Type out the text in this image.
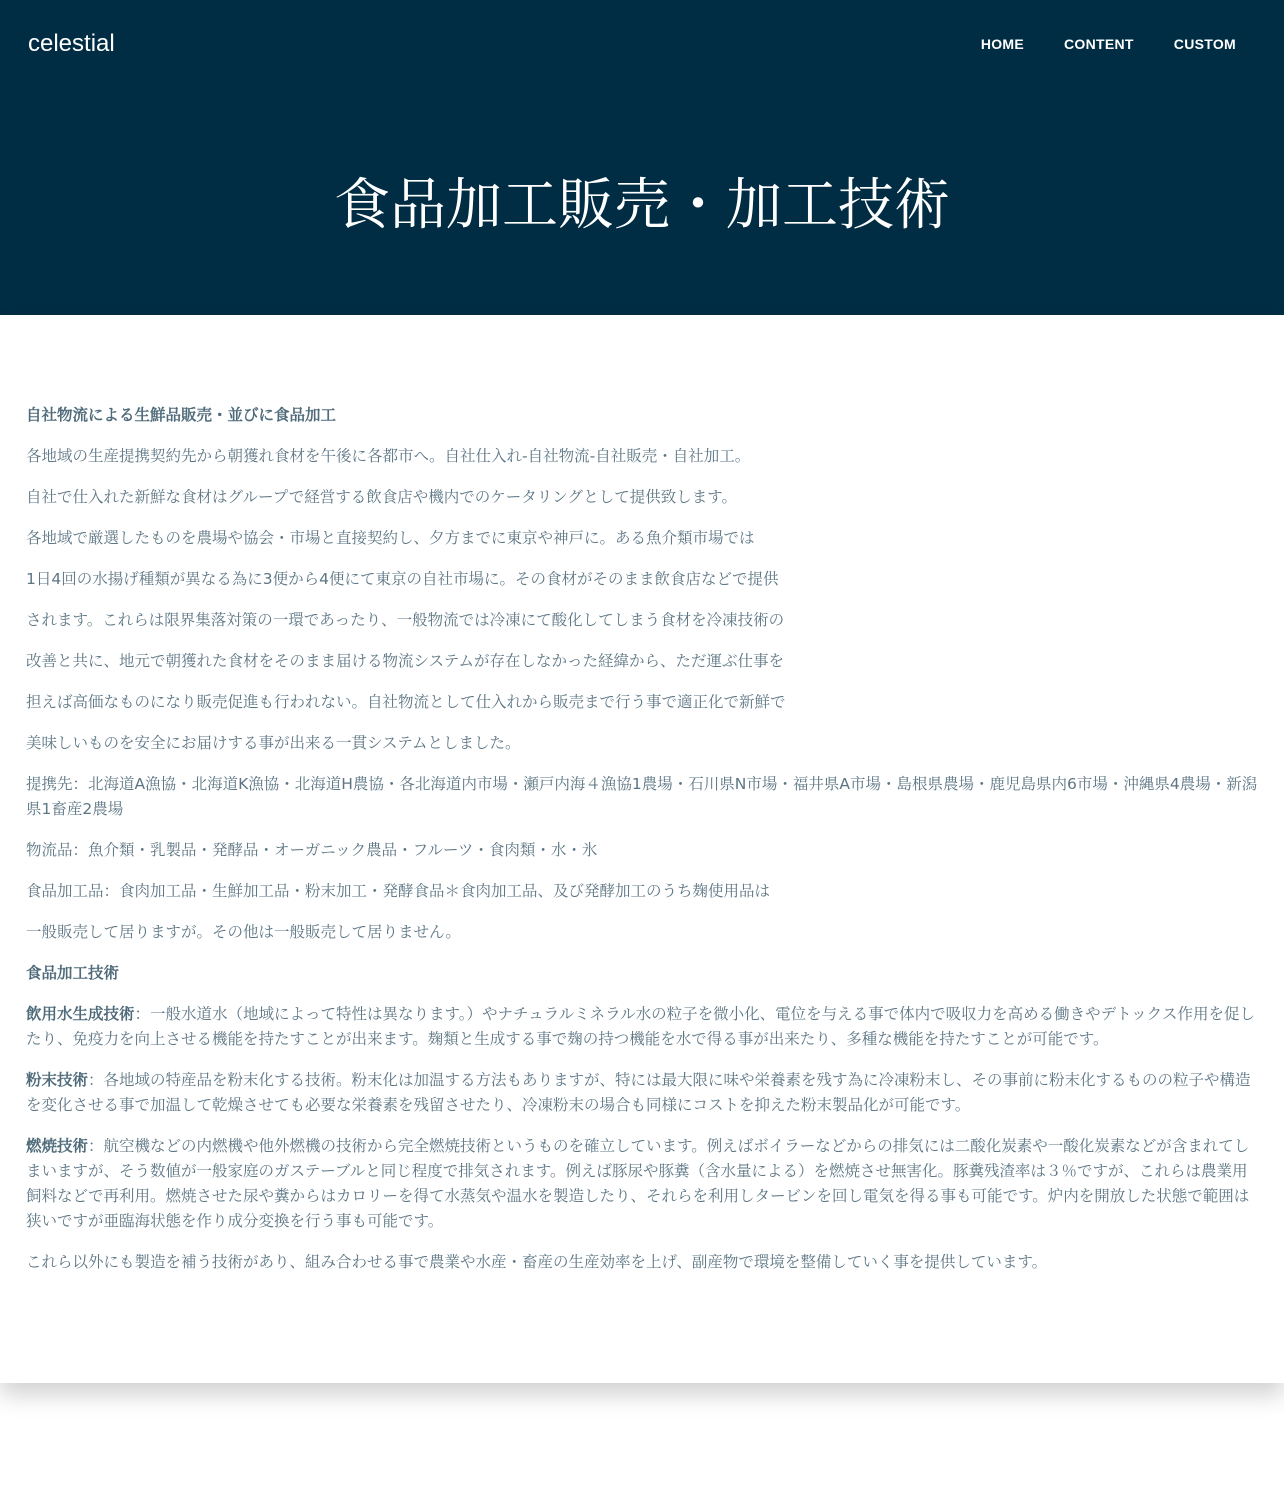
celestial	HOME	CONTENT	CUSTOM
食品加工販売・加工技術

自社物流による生鮮品販売・並びに食品加工

各地域の生産提携契約先から朝獲れ食材を午後に各都市へ。自社仕入れ-自社物流-自社販売・自社加工。

自社で仕入れた新鮮な食材はグループで経営する飲食店や機内でのケータリングとして提供致します。

各地域で厳選したものを農場や協会・市場と直接契約し、夕方までに東京や神戸に。ある魚介類市場では

1日4回の水揚げ種類が異なる為に3便から4便にて東京の自社市場に。その食材がそのまま飲食店などで提供

されます。これらは限界集落対策の一環であったり、一般物流では冷凍にて酸化してしまう食材を冷凍技術の

改善と共に、地元で朝獲れた食材をそのまま届ける物流システムが存在しなかった経緯から、ただ運ぶ仕事を

担えば高価なものになり販売促進も行われない。自社物流として仕入れから販売まで行う事で適正化で新鮮で

美味しいものを安全にお届けする事が出来る一貫システムとしました。

提携先：北海道A漁協・北海道K漁協・北海道H農協・各北海道内市場・瀬戸内海４漁協1農場・石川県N市場・福井県A市場・島根県農場・鹿児島県内6市場・沖縄県4農場・新潟県1畜産2農場

物流品：魚介類・乳製品・発酵品・オーガニック農品・フルーツ・食肉類・水・氷

食品加工品：食肉加工品・生鮮加工品・粉末加工・発酵食品＊食肉加工品、及び発酵加工のうち麹使用品は

一般販売して居りますが。その他は一般販売して居りません。

食品加工技術

飲用水生成技術：一般水道水（地域によって特性は異なります。）やナチュラルミネラル水の粒子を微小化、電位を与える事で体内で吸収力を高める働きやデトックス作用を促したり、免疫力を向上させる機能を持たすことが出来ます。麹類と生成する事で麹の持つ機能を水で得る事が出来たり、多種な機能を持たすことが可能です。

粉末技術：各地域の特産品を粉末化する技術。粉末化は加温する方法もありますが、特には最大限に味や栄養素を残す為に冷凍粉末し、その事前に粉末化するものの粒子や構造を変化させる事で加温して乾燥させても必要な栄養素を残留させたり、冷凍粉末の場合も同様にコストを抑えた粉末製品化が可能です。

燃焼技術：航空機などの内燃機や他外燃機の技術から完全燃焼技術というものを確立しています。例えばボイラーなどからの排気には二酸化炭素や一酸化炭素などが含まれてしまいますが、そう数値が一般家庭のガステーブルと同じ程度で排気されます。例えば豚尿や豚糞（含水量による）を燃焼させ無害化。豚糞残渣率は３％ですが、これらは農業用飼料などで再利用。燃焼させた尿や糞からはカロリーを得て水蒸気や温水を製造したり、それらを利用しタービンを回し電気を得る事も可能です。炉内を開放した状態で範囲は狭いですが亜臨海状態を作り成分変換を行う事も可能です。

これら以外にも製造を補う技術があり、組み合わせる事で農業や水産・畜産の生産効率を上げ、副産物で環境を整備していく事を提供しています。
